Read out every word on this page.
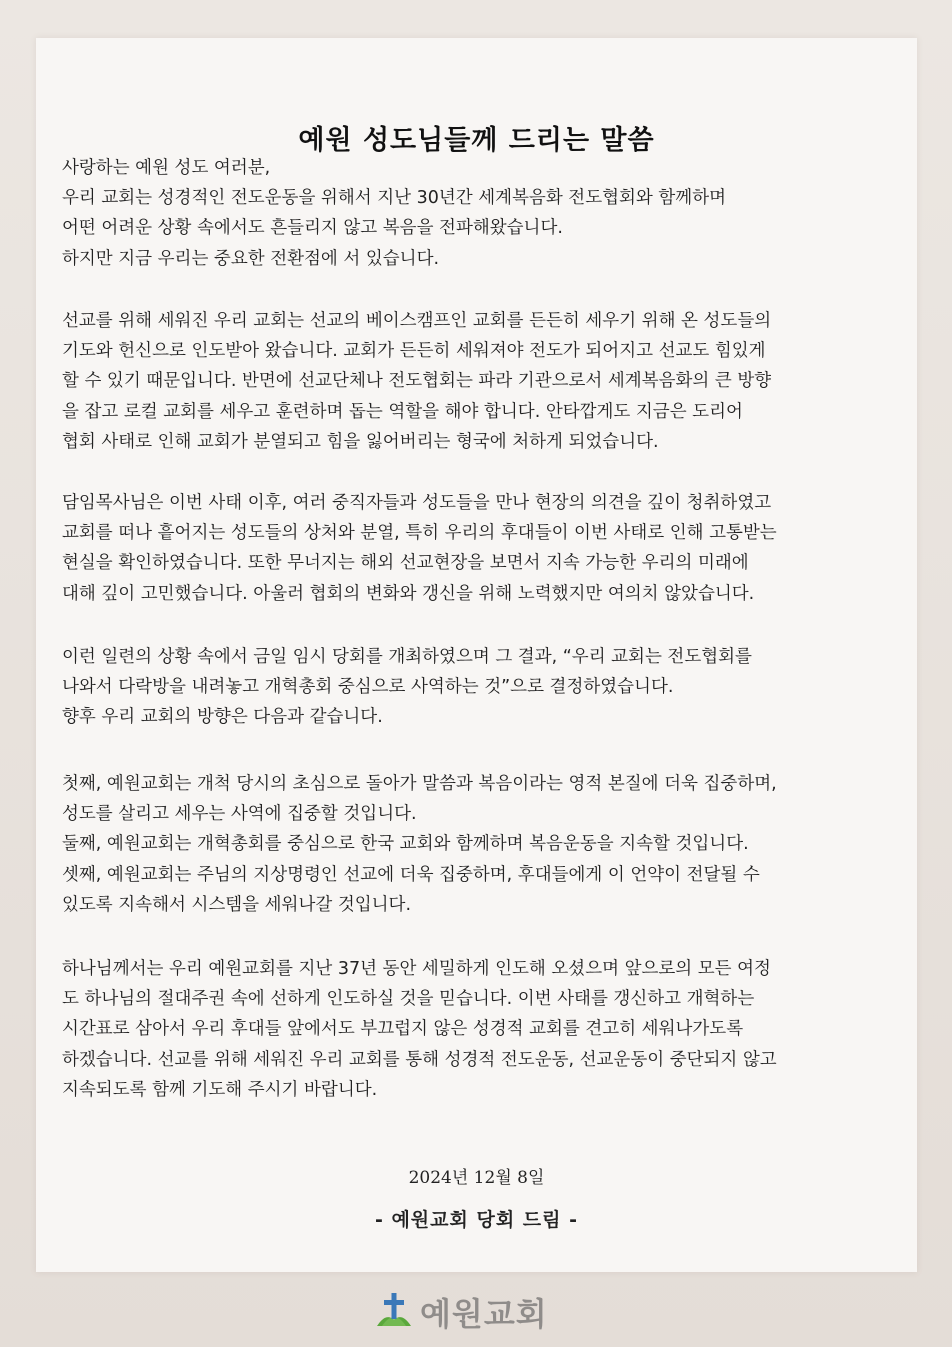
예원 성도님들께 드리는 말씀
사랑하는 예원 성도 여러분,
우리 교회는 성경적인 전도운동을 위해서 지난 30년간 세계복음화 전도협회와 함께하며
어떤 어려운 상황 속에서도 흔들리지 않고 복음을 전파해왔습니다.
하지만 지금 우리는 중요한 전환점에 서 있습니다.
선교를 위해 세워진 우리 교회는 선교의 베이스캠프인 교회를 든든히 세우기 위해 온 성도들의
기도와 헌신으로 인도받아 왔습니다. 교회가 든든히 세워져야 전도가 되어지고 선교도 힘있게
할 수 있기 때문입니다. 반면에 선교단체나 전도협회는 파라 기관으로서 세계복음화의 큰 방향
을 잡고 로컬 교회를 세우고 훈련하며 돕는 역할을 해야 합니다. 안타깝게도 지금은 도리어
협회 사태로 인해 교회가 분열되고 힘을 잃어버리는 형국에 처하게 되었습니다.
담임목사님은 이번 사태 이후, 여러 중직자들과 성도들을 만나 현장의 의견을 깊이 청취하였고
교회를 떠나 흩어지는 성도들의 상처와 분열, 특히 우리의 후대들이 이번 사태로 인해 고통받는
현실을 확인하였습니다. 또한 무너지는 해외 선교현장을 보면서 지속 가능한 우리의 미래에
대해 깊이 고민했습니다. 아울러 협회의 변화와 갱신을 위해 노력했지만 여의치 않았습니다.
이런 일련의 상황 속에서 금일 임시 당회를 개최하였으며 그 결과, “우리 교회는 전도협회를
나와서 다락방을 내려놓고 개혁총회 중심으로 사역하는 것”으로 결정하였습니다.
향후 우리 교회의 방향은 다음과 같습니다.
첫째, 예원교회는 개척 당시의 초심으로 돌아가 말씀과 복음이라는 영적 본질에 더욱 집중하며,
성도를 살리고 세우는 사역에 집중할 것입니다.
둘째, 예원교회는 개혁총회를 중심으로 한국 교회와 함께하며 복음운동을 지속할 것입니다.
셋째, 예원교회는 주님의 지상명령인 선교에 더욱 집중하며, 후대들에게 이 언약이 전달될 수
있도록 지속해서 시스템을 세워나갈 것입니다.
하나님께서는 우리 예원교회를 지난 37년 동안 세밀하게 인도해 오셨으며 앞으로의 모든 여정
도 하나님의 절대주권 속에 선하게 인도하실 것을 믿습니다. 이번 사태를 갱신하고 개혁하는
시간표로 삼아서 우리 후대들 앞에서도 부끄럽지 않은 성경적 교회를 견고히 세워나가도록
하겠습니다. 선교를 위해 세워진 우리 교회를 통해 성경적 전도운동, 선교운동이 중단되지 않고
지속되도록 함께 기도해 주시기 바랍니다.
2024년 12월 8일
- 예원교회 당회 드림 -
예원교회
